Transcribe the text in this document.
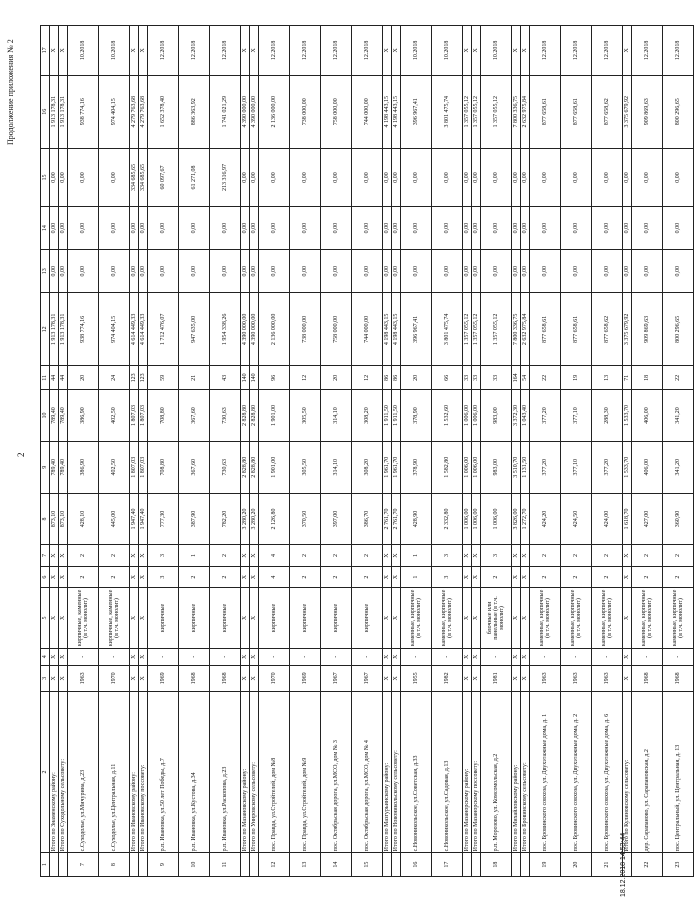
Продолжение приложения № 2
2
18.12.2018 14:53:44
1	2	3	4	5	6	7	8	9	10	11	12	13	14	15	16	17
	Итого по Знаменскому району:	X	X	X	X	X	873,10	789,40	789,40	44	1 913 178,31	0,00	0,00	0,00	1 913 178,31	X
	Итого по Суходольному сельсовету:	X	X	X	X	X	873,10	789,40	789,40	44	1 913 178,31	0,00	0,00	0,00	1 913 178,31	X
7	с.Суходолье, ул.Мичурина, д.23	1963	-	кирпичные, каменные (в т.ч. монолит)	2	2	428,10	386,90	386,90	20	938 774,16	0,00	0,00	0,00	938 774,16	10.2018
8	с.Суходолье, ул.Центральная, д.11	1970	-	кирпичные, каменные (в т.ч. монолит)	2	2	445,00	402,50	402,50	24	974 404,15	0,00	0,00	0,00	974 404,15	10.2018
	Итого по Ивановскому району:	X	X	X	X	X	1 947,40	1 807,03	1 807,03	123	4 614 449,33	0,00	0,00	334 685,65	4 279 763,68	X
	Итого по Ивановскому поссовету:	X	X	X	X	X	1 947,40	1 807,03	1 807,03	123	4 614 449,33	0,00	0,00	334 685,65	4 279 763,68	X
9	р.п. Ивановка, ул.50 лет Победы, д.7	1969	-	кирпичные	3	3	777,30	708,80	708,80	59	1 712 476,07	0,00	0,00	60 097,67	1 652 378,40	12.2018
10	р.п. Ивановка, ул.Кустова, д.34	1968	-	кирпичные	2	1	387,90	367,60	367,60	21	947 635,00	0,00	0,00	61 271,08	886 363,92	12.2018
11	р.п. Ивановка, ул.Раскопова, д.23	1968	-	кирпичные	2	2	782,20	730,63	730,63	43	1 954 338,26	0,00	0,00	213 316,97	1 741 021,29	12.2018
	Итого по Мазановскому району:	X	X	X	X	X	3 280,20	2 828,80	2 828,80	140	4 390 000,00	0,00	0,00	0,00	4 390 000,00	X
	Итого по Уннровскому сельсовету:	X	X	X	X	X	3 280,20	2 828,80	2 828,80	140	4 390 000,00	0,00	0,00	0,00	4 390 000,00	X
12	пос. Правда, ул.Стройтелей, дом №8	1970	-	кирпичные	4	4	2 126,80	1 901,00	1 901,00	96	2 136 000,00	0,00	0,00	0,00	2 136 000,00	12.2018
13	пос. Правда, ул.Стройтелей, дом №9	1969	-	кирпичные	2	2	370,50	305,50	305,50	12	738 000,00	0,00	0,00	0,00	738 000,00	12.2018
14	пос. Октябрьская дорога, ул.МСО, дом № 3	1967	-	кирпичные	2	2	397,00	314,10	314,10	20	758 000,00	0,00	0,00	0,00	758 000,00	12.2018
15	пос. Октябрьская дорога, ул.МСО, дом № 4	1967	-	кирпичные	2	2	386,70	308,20	308,20	12	744 000,00	0,00	0,00	0,00	744 000,00	12.2018
	Итого по Мазгурьинскому району:	X	X	X	X	X	2 761,70	1 961,70	1 911,50	86	4 198 443,15	0,00	0,00	0,00	4 198 443,15	X
	Итого по Новоникольскому сельсовету:	X	X	X	X	X	2 761,70	1 961,70	1 911,50	86	4 198 443,15	0,00	0,00	0,00	4 198 443,15	X
16	с.Новоникольское, ул.Советская, д.33	1955	-	каменные, кирпичные (в т.ч. монолит)	1	1	428,90	378,90	378,90	20	396 967,41	0,00	0,00	0,00	396 967,41	10.2018
17	с.Новоникольское, ул.Садовая, д.13	1982	-	каменные, кирпичные (в т.ч. монолит)	3	3	2 332,80	1 582,80	1 532,60	66	3 801 475,74	0,00	0,00	0,00	3 801 475,74	10.2018
	Итого по Мазанорскому району:	X	X	X	X	X	1 006,00	1 006,00	1 006,00	33	1 357 055,12	0,00	0,00	0,00	1 357 055,12	X
	Итого по Мазанорскому поссовету:	X	X	X	X	X	1 006,00	1 006,00	1 006,00	33	1 357 055,12	0,00	0,00	0,00	1 357 055,12	X
18	р.п. Морозово, ул. Комсомольская, д.2	1981	-	блочные или панельные (в т.ч. монолит)	2	3	1 006,00	983,00	983,00	33	1 357 055,12	0,00	0,00	0,00	1 357 055,12	10.2018
	Итого по Михайловскому району:	X	X	X	X	X	3 826,00	3 510,70	3 372,30	164	7 800 336,75	0,00	0,00	0,00	7 800 336,75	X
	Итого по Бровинскому сельсовету:	X	X	X	X	X	1 272,70	1 131,50	1 043,40	54	2 632 975,84	0,00	0,00	0,00	2 632 975,84	X
19	пос. Бровинского совхоза, ул. Двухэтажные дома, д. 1	1963	-	каменные, кирпичные (в т.ч. монолит)	2	2	424,20	377,20	377,20	22	877 658,61	0,00	0,00	0,00	877 658,61	12.2018
20	пос. Бровинского совхоза, ул. Двухэтажные дома, д. 2	1963	-	каменные, кирпичные (в т.ч. монолит)	2	2	424,50	377,10	377,10	19	877 658,61	0,00	0,00	0,00	877 658,61	12.2018
21	пос. Бровинского совхоза, ул. Двухэтажные дома, д. 6	1963	-	каменные, кирпичные (в т.ч. монолит)	2	2	424,00	377,20	288,30	13	877 658,62	0,00	0,00	0,00	877 658,62	12.2018
	Итого по Кулиновскому сельсовету:	X	X	X	X	X	1 618,70	1 533,70	1 533,70	71	3 375 679,92	0,00	0,00	0,00	3 375 679,92	X
22	дер. Сарапаново, ул. Сарапановская, д.2	1968	-	каменные, кирпичные (в т.ч. монолит)	2	2	427,00	406,00	406,00	18	909 869,63	0,00	0,00	0,00	909 869,63	12.2018
23	пос. Центральный, ул. Центральная, д. 13	1968	-	каменные, кирпичные (в т.ч. монолит)	2	2	360,90	341,20	341,20	22	800 296,65	0,00	0,00	0,00	800 296,65	12.2018
